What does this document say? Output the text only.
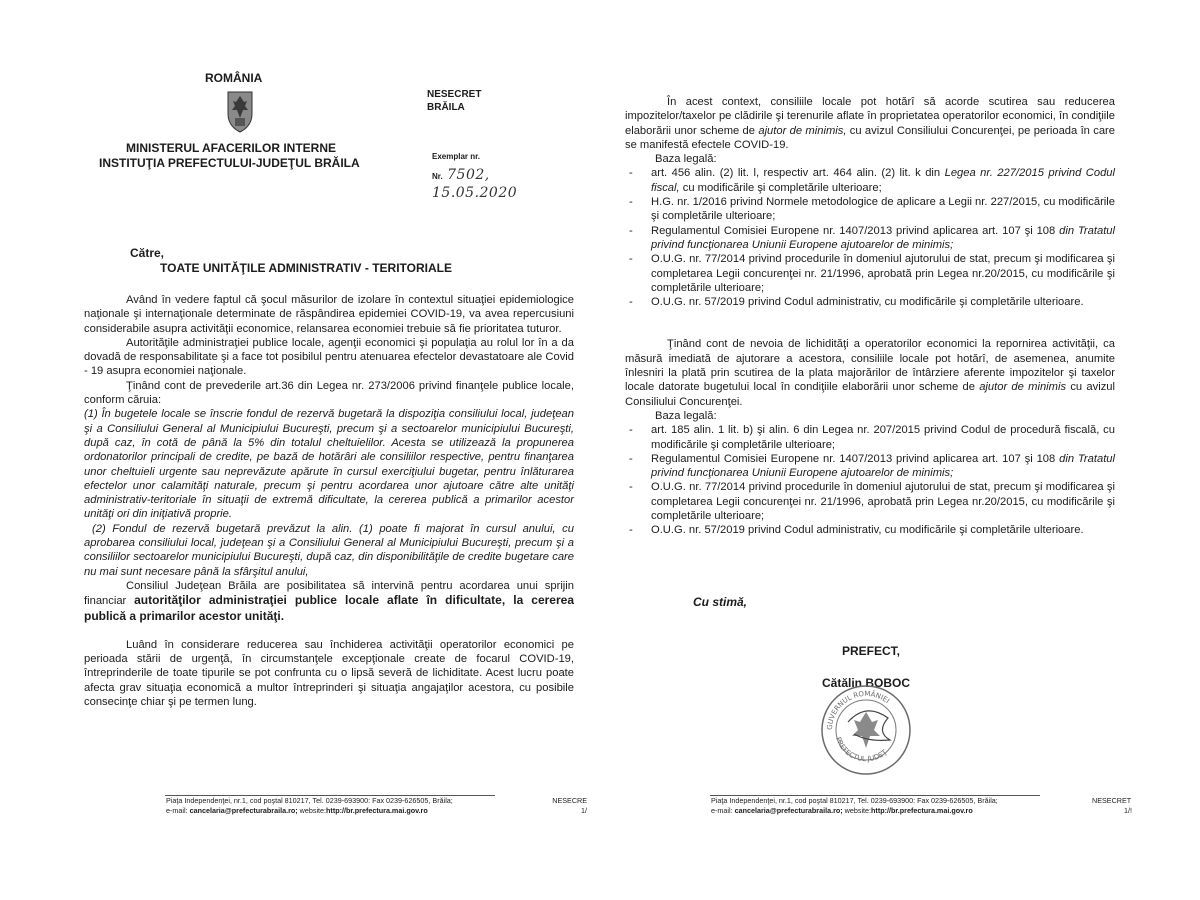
ROMÂNIA
MINISTERUL AFACERILOR INTERNE
INSTITUŢIA PREFECTULUI-JUDEŢUL BRĂILA
NESECRET
BRĂILA
Exemplar nr.
Nr. 7502, 15.05.2020
Către,
TOATE UNITĂŢILE ADMINISTRATIV - TERITORIALE

Având în vedere faptul că şocul măsurilor de izolare în contextul situaţiei epidemiologice naţionale şi internaţionale determinate de răspândirea epidemiei COVID-19, va avea repercusiuni considerabile asupra activităţii economice, relansarea economiei trebuie să fie prioritatea tuturor.

Autorităţile administraţiei publice locale, agenţii economici şi populaţia au rolul lor în a da dovadă de responsabilitate şi a face tot posibilul pentru atenuarea efectelor devastatoare ale Covid - 19 asupra economiei naţionale.

Ţinând cont de prevederile art.36 din Legea nr. 273/2006 privind finanţele publice locale, conform căruia:

(1) În bugetele locale se înscrie fondul de rezervă bugetară la dispoziţia consiliului local, judeţean şi a Consiliului General al Municipiului Bucureşti, precum şi a sectoarelor municipiului Bucureşti, după caz, în cotă de până la 5% din totalul cheltuielilor. Acesta se utilizează la propunerea ordonatorilor principali de credite, pe bază de hotărâri ale consiliilor respective, pentru finanţarea unor cheltuieli urgente sau neprevăzute apărute în cursul exerciţiului bugetar, pentru înlăturarea efectelor unor calamităţi naturale, precum şi pentru acordarea unor ajutoare către alte unităţi administrativ-teritoriale în situaţii de extremă dificultate, la cererea publică a primarilor acestor unităţi ori din iniţiativă proprie.

(2) Fondul de rezervă bugetară prevăzut la alin. (1) poate fi majorat în cursul anului, cu aprobarea consiliului local, judeţean şi a Consiliului General al Municipiului Bucureşti, precum şi a consiliilor sectoarelor municipiului Bucureşti, după caz, din disponibilităţile de credite bugetare care nu mai sunt necesare până la sfârşitul anului,

Consiliul Judeţean Brăila are posibilitatea să intervină pentru acordarea unui sprijin financiar autorităţilor administraţiei publice locale aflate în dificultate, la cererea publică a primarilor acestor unităţi.

Luând în considerare reducerea sau închiderea activităţii operatorilor economici pe perioada stării de urgenţă, în circumstanţele excepţionale create de focarul COVID-19, întreprinderile de toate tipurile se pot confrunta cu o lipsă severă de lichiditate. Acest lucru poate afecta grav situaţia economică a multor întreprinderi şi situaţia angajaţilor acestora, cu posibile consecinţe chiar şi pe termen lung.

Piaţa Independenţei, nr.1, cod poştal 810217, Tel. 0239-693900: Fax 0239-626505, Brăila;
e-mail: cancelaria@prefecturabraila.ro; website:http://br.prefectura.mai.gov.ro
NESECRE
1/

În acest context, consiliile locale pot hotărî să acorde scutirea sau reducerea impozitelor/taxelor pe clădirile şi terenurile aflate în proprietatea operatorilor economici, în condiţiile elaborării unor scheme de ajutor de minimis, cu avizul Consiliului Concurenţei, pe perioada în care se manifestă efectele COVID-19.

Baza legală:

- art. 456 alin. (2) lit. l, respectiv art. 464 alin. (2) lit. k din Legea nr. 227/2015 privind Codul fiscal, cu modificările şi completările ulterioare;
- H.G. nr. 1/2016 privind Normele metodologice de aplicare a Legii nr. 227/2015, cu modificările şi completările ulterioare;
- Regulamentul Comisiei Europene nr. 1407/2013 privind aplicarea art. 107 şi 108 din Tratatul privind funcţionarea Uniunii Europene ajutoarelor de minimis;
- O.U.G. nr. 77/2014 privind procedurile în domeniul ajutorului de stat, precum şi modificarea şi completarea Legii concurenţei nr. 21/1996, aprobată prin Legea nr.20/2015, cu modificările şi completările ulterioare;
- O.U.G. nr. 57/2019 privind Codul administrativ, cu modificările şi completările ulterioare.

Ţinând cont de nevoia de lichidităţi a operatorilor economici la repornirea activităţii, ca măsură imediată de ajutorare a acestora, consiliile locale pot hotărî, de asemenea, anumite înlesniri la plată prin scutirea de la plata majorărilor de întârziere aferente impozitelor şi taxelor locale datorate bugetului local în condiţiile elaborării unor scheme de ajutor de minimis cu avizul Consiliului Concurenţei.

Baza legală:

- art. 185 alin. 1 lit. b) şi alin. 6 din Legea nr. 207/2015 privind Codul de procedură fiscală, cu modificările şi completările ulterioare;
- Regulamentul Comisiei Europene nr. 1407/2013 privind aplicarea art. 107 şi 108 din Tratatul privind funcţionarea Uniunii Europene ajutoarelor de minimis;
- O.U.G. nr. 77/2014 privind procedurile în domeniul ajutorului de stat, precum şi modificarea şi completarea Legii concurenţei nr. 21/1996, aprobată prin Legea nr.20/2015, cu modificările şi completările ulterioare;
- O.U.G. nr. 57/2019 privind Codul administrativ, cu modificările şi completările ulterioare.
Cu stimă,
PREFECT,
Cătălin BOBOC
GUVERNUL ROMÂNIEI
PREFECTUL JUDEŢ
Piaţa Independenţei, nr.1, cod poştal 810217, Tel. 0239-693900: Fax 0239-626505, Brăila;
e-mail: cancelaria@prefecturabraila.ro; website:http://br.prefectura.mai.gov.ro
NESECRET
1/!
